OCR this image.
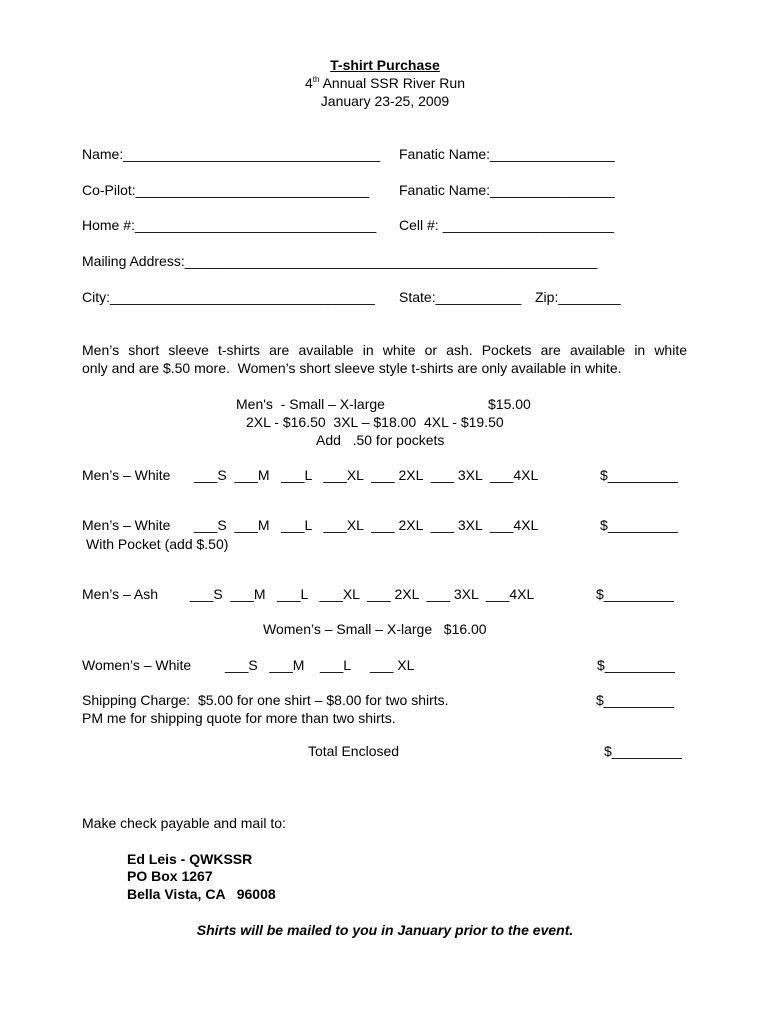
T-shirt Purchase
4th Annual SSR River Run
January 23-25, 2009
Name:_________________________________ Fanatic Name:________________
Co-Pilot:______________________________ Fanatic Name:________________
Home #:_______________________________ Cell #: ______________________
Mailing Address:_____________________________________________________
City:__________________________________ State:___________ Zip:________
Men’s short sleeve t-shirts are available in white or ash. Pockets are available in white
only and are $.50 more.  Women’s short sleeve style t-shirts are only available in white.
Men's  - Small – X-large	$15.00
2XL - $16.50  3XL – $18.00  4XL - $19.50
Add   .50 for pockets
Men’s – White ___S  ___M   ___L   ___XL  ___ 2XL  ___ 3XL  ___4XL	$_________
Men’s – White ___S  ___M   ___L   ___XL  ___ 2XL  ___ 3XL  ___4XL	$_________
With Pocket (add $.50)
Men’s – Ash ___S  ___M   ___L   ___XL  ___ 2XL  ___ 3XL  ___4XL	$_________
Women’s – Small – X-large   $16.00
Women’s – White ___S   ___M    ___L     ___ XL	$_________
Shipping Charge:  $5.00 for one shirt – $8.00 for two shirts.	$_________
PM me for shipping quote for more than two shirts.
Total Enclosed	$_________
Make check payable and mail to:
Ed Leis - QWKSSR
PO Box 1267
Bella Vista, CA   96008
Shirts will be mailed to you in January prior to the event.
